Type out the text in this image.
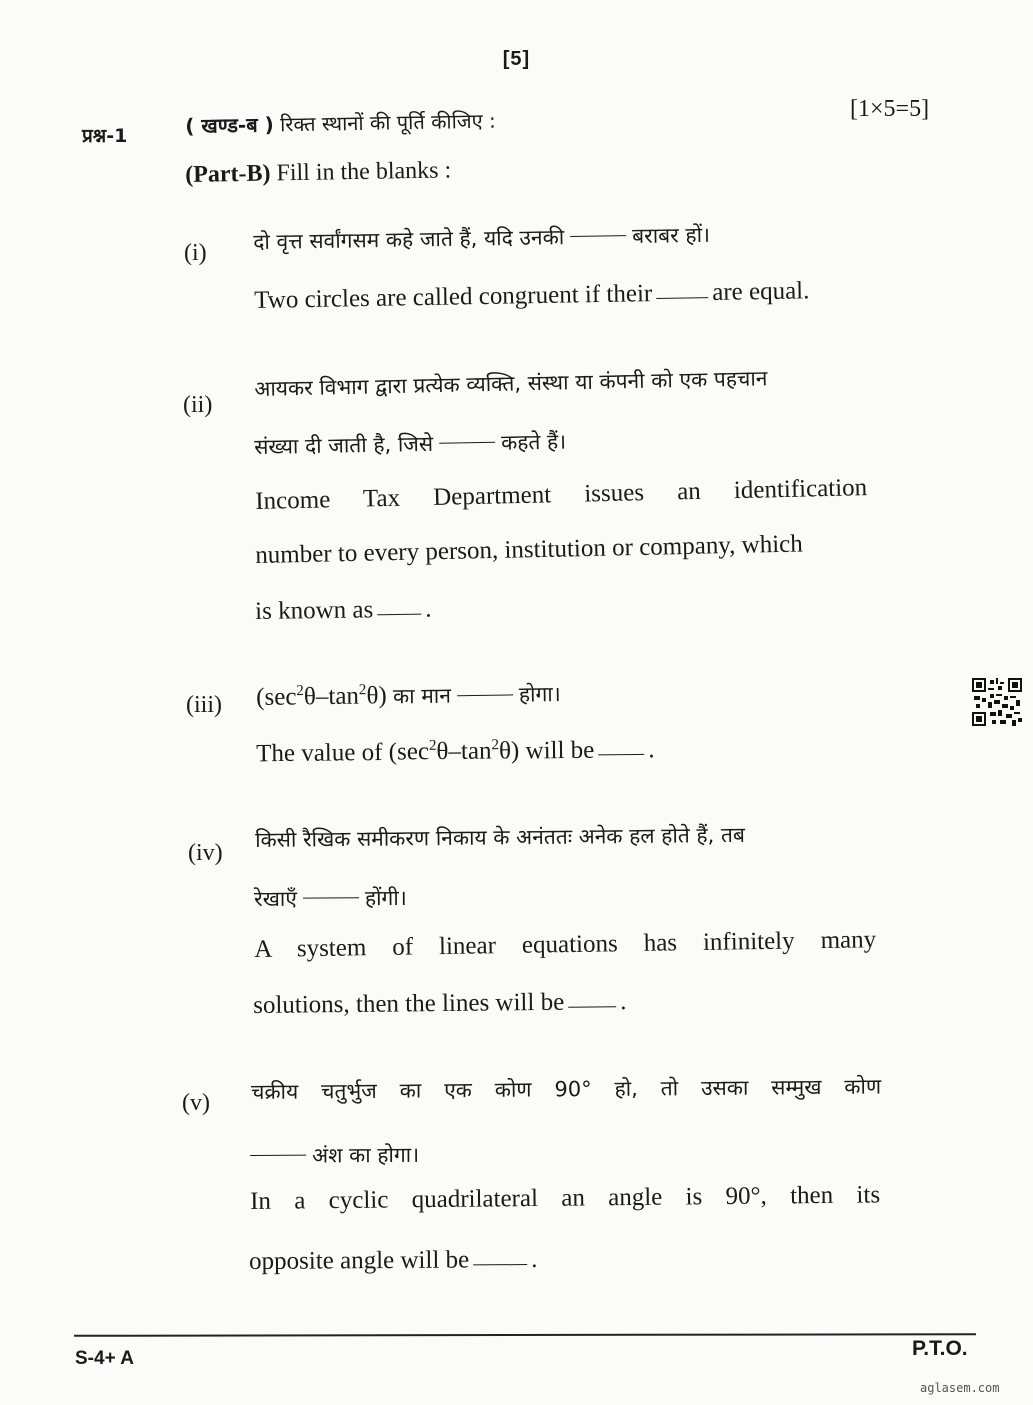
[5]
प्रश्न-1	( खण्ड-ब ) रिक्त स्थानों की पूर्ति कीजिए :	[1×5=5]
(Part-B) Fill in the blanks :
(i) दो वृत्त सर्वांगसम कहे जाते हैं, यदि उनकी	बराबर हों।
Two circles are called congruent if their are equal.
(ii)
आयकर विभाग द्वारा प्रत्येक व्यक्ति, संस्था या कंपनी को एक पहचान
संख्या दी जाती है, जिसे	कहते हैं।
Income Tax Department issues an identification
number to every person, institution or company, which
is known as .
(iii) $(\sec^2\theta-\tan^2\theta)$ का मान	होगा।
The value of $(\sec^2\theta-\tan^2\theta)$ will be .
(iv)
किसी रैखिक समीकरण निकाय के अनंततः अनेक हल होते हैं, तब
रेखाएँ	होंगी।
A system of linear equations has infinitely many
solutions, then the lines will be .
(v) चक्रीय चतुर्भुज का एक कोण 90° हो, तो उसका सम्मुख कोण
अंश का होगा।
In a cyclic quadrilateral an angle is 90°, then its
opposite angle will be .
S-4+ A	P.T.O.
aglasem.com
